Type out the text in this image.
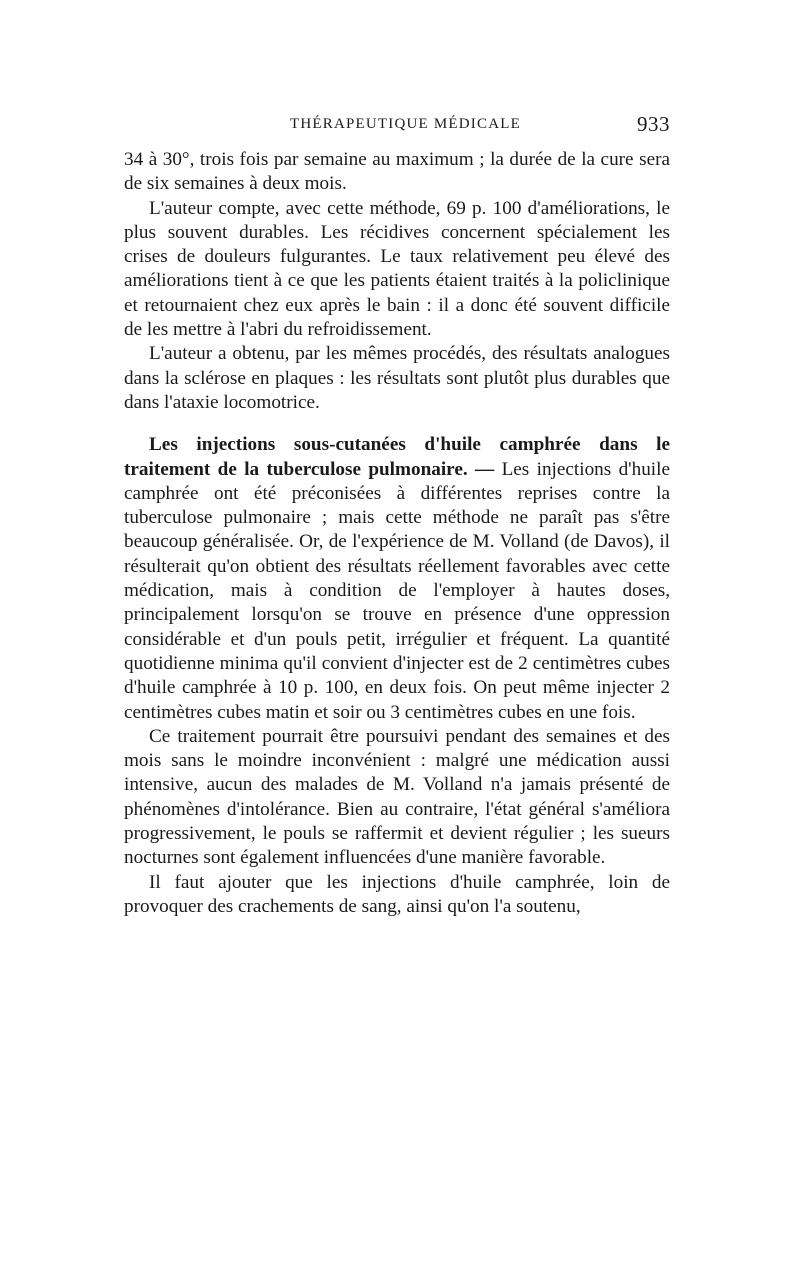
THÉRAPEUTIQUE MÉDICALE	933

34 à 30°, trois fois par semaine au maximum ; la durée de la cure sera de six semaines à deux mois.

L'auteur compte, avec cette méthode, 69 p. 100 d'améliorations, le plus souvent durables. Les récidives concernent spécialement les crises de douleurs fulgurantes. Le taux relativement peu élevé des améliorations tient à ce que les patients étaient traités à la policlinique et retournaient chez eux après le bain : il a donc été souvent difficile de les mettre à l'abri du refroidissement.

L'auteur a obtenu, par les mêmes procédés, des résultats analogues dans la sclérose en plaques : les résultats sont plutôt plus durables que dans l'ataxie locomotrice.

Les injections sous-cutanées d'huile camphrée dans le traitement de la tuberculose pulmonaire. — Les injections d'huile camphrée ont été préconisées à différentes reprises contre la tuberculose pulmonaire ; mais cette méthode ne paraît pas s'être beaucoup généralisée. Or, de l'expérience de M. Volland (de Davos), il résulterait qu'on obtient des résultats réellement favorables avec cette médication, mais à condition de l'employer à hautes doses, principalement lorsqu'on se trouve en présence d'une oppression considérable et d'un pouls petit, irrégulier et fréquent. La quantité quotidienne minima qu'il convient d'injecter est de 2 centimètres cubes d'huile camphrée à 10 p. 100, en deux fois. On peut même injecter 2 centimètres cubes matin et soir ou 3 centimètres cubes en une fois.

Ce traitement pourrait être poursuivi pendant des semaines et des mois sans le moindre inconvénient : malgré une médication aussi intensive, aucun des malades de M. Volland n'a jamais présenté de phénomènes d'intolérance. Bien au contraire, l'état général s'améliora progressivement, le pouls se raffermit et devient régulier ; les sueurs nocturnes sont également influencées d'une manière favorable.

Il faut ajouter que les injections d'huile camphrée, loin de provoquer des crachements de sang, ainsi qu'on l'a soutenu,
